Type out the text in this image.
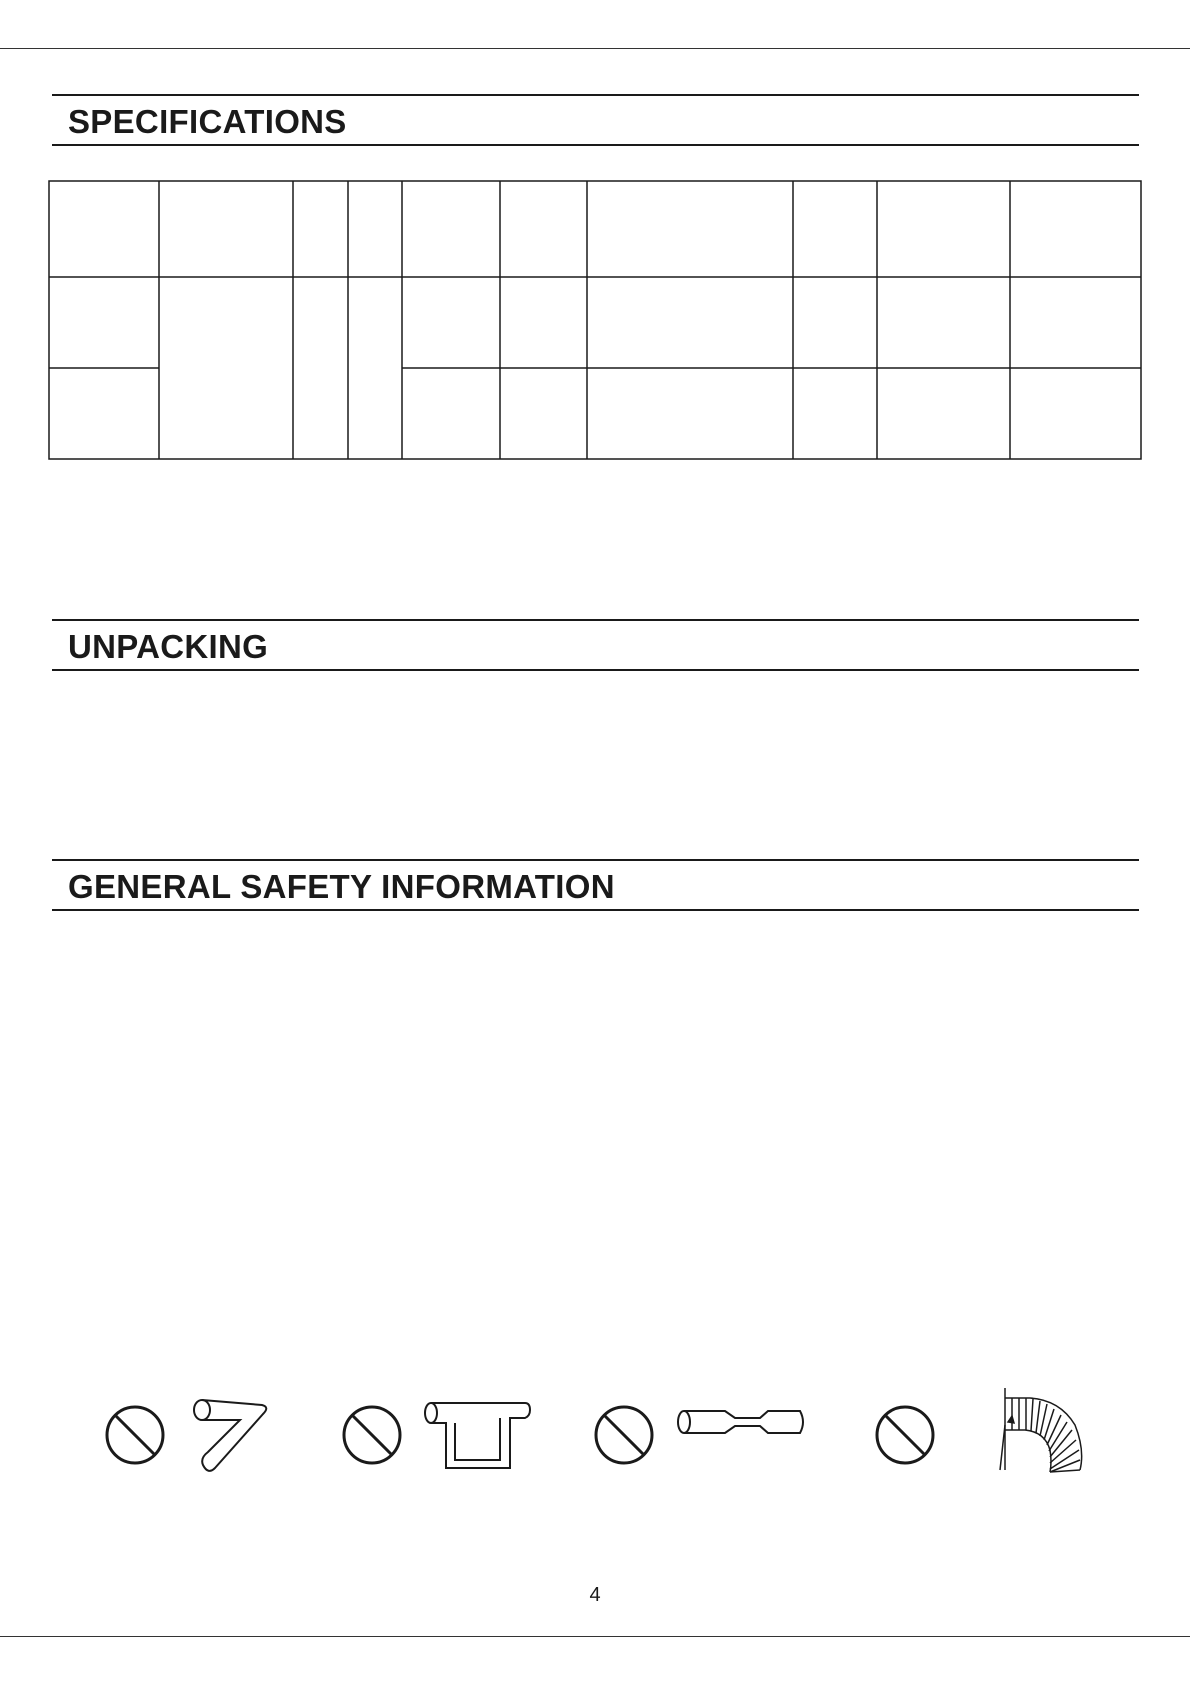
SPECIFICATIONS
UNPACKING
GENERAL SAFETY INFORMATION
4
